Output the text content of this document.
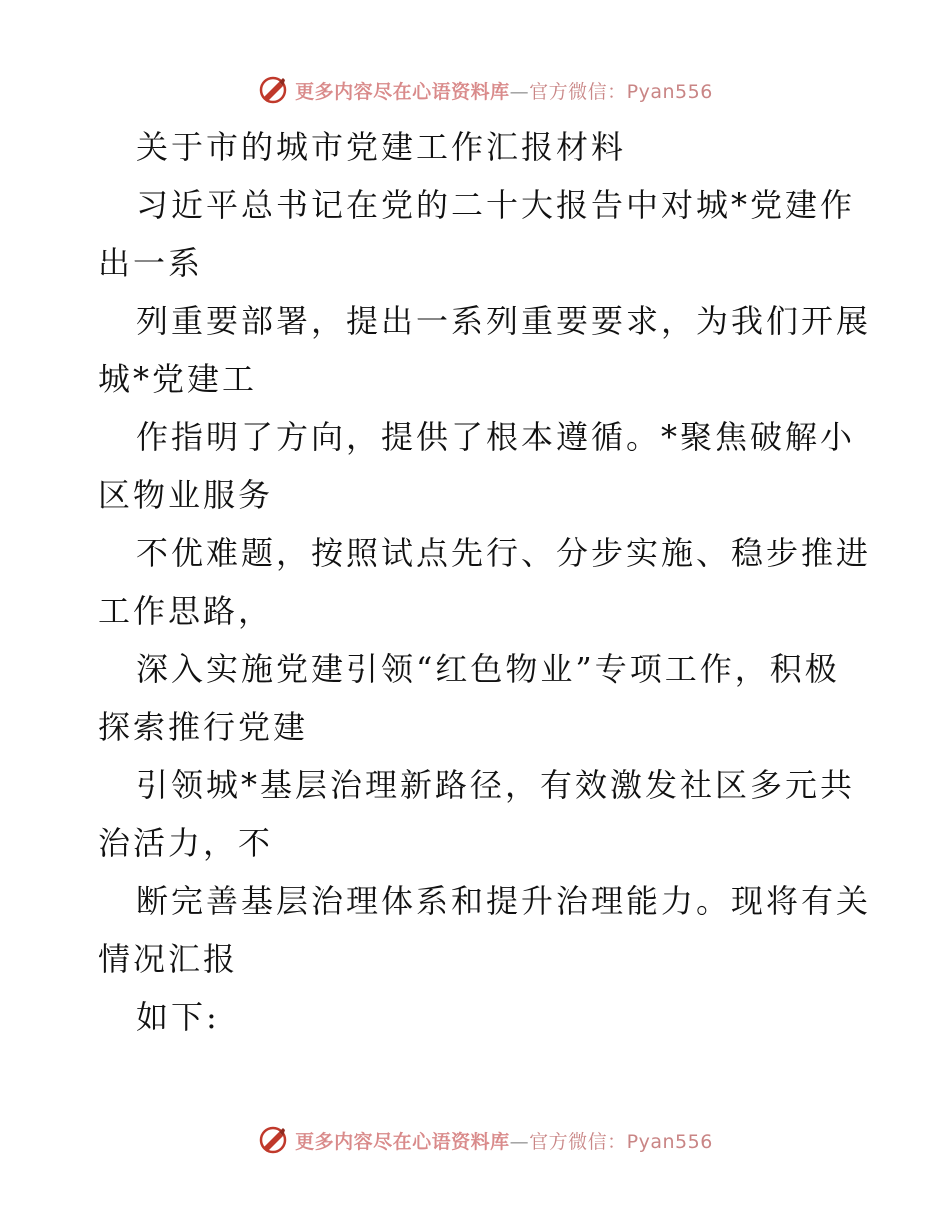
更多内容尽在心语资料库—官方微信：Pyan556
关于市的城市党建工作汇报材料
习近平总书记在党的二十大报告中对城*党建作
出一系
列重要部署，提出一系列重要要求，为我们开展
城*党建工
作指明了方向，提供了根本遵循。*聚焦破解小
区物业服务
不优难题，按照试点先行、分步实施、稳步推进
工作思路，
深入实施党建引领“红色物业”专项工作，积极
探索推行党建
引领城*基层治理新路径，有效激发社区多元共
治活力，不
断完善基层治理体系和提升治理能力。现将有关
情况汇报
如下:
更多内容尽在心语资料库—官方微信：Pyan556
